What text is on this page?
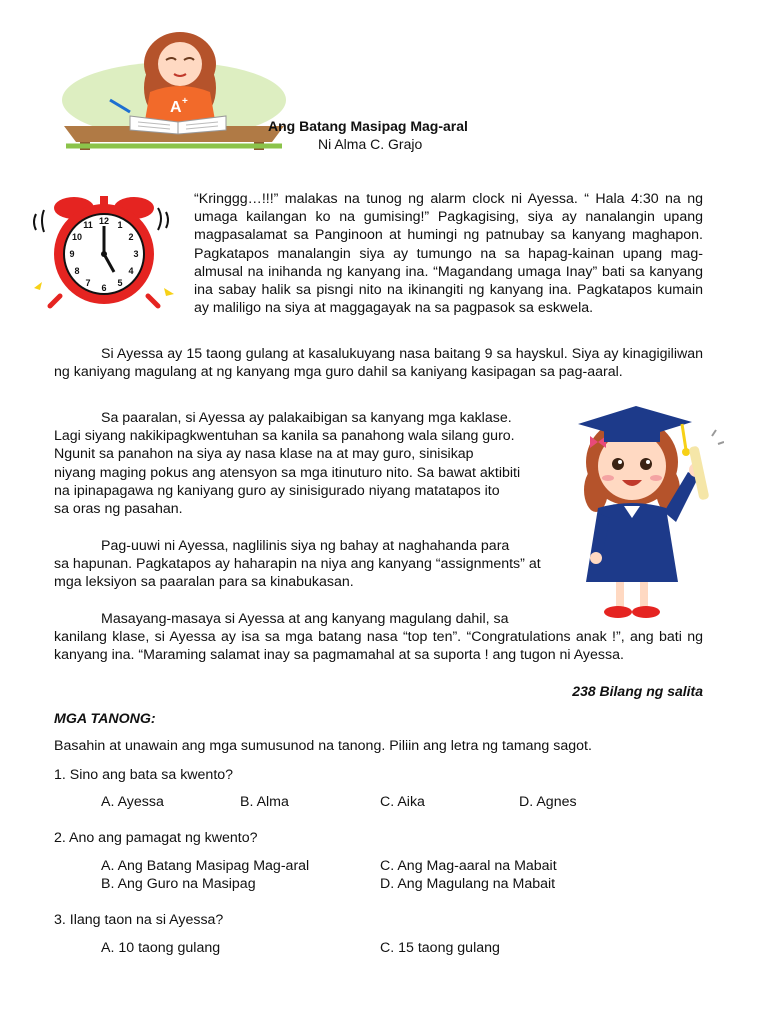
A +
Ang Batang Masipag Mag-aral
Ni Alma C. Grajo
12 1
2
3
4
5
6
7
8
9
10
11
“Kringgg…!!!” malakas na tunog ng alarm clock ni Ayessa. “ Hala 4:30 na ng umaga kailangan ko na gumising!” Pagkagising, siya ay nanalangin upang magpasalamat sa Panginoon at humingi ng patnubay sa kanyang maghapon. Pagkatapos manalangin siya ay tumungo na sa hapag-kainan upang mag-almusal na inihanda ng kanyang ina. “Magandang umaga Inay” bati sa kanyang ina sabay halik sa pisngi nito na ikinangiti ng kanyang ina. Pagkatapos kumain ay maliligo na siya at maggagayak na sa pagpasok sa eskwela.
Si Ayessa ay 15 taong gulang at kasalukuyang nasa baitang 9 sa hayskul. Siya ay kinagigiliwan ng kaniyang magulang at ng kanyang mga guro dahil sa kaniyang kasipagan sa pag-aaral.
Sa paaralan, si Ayessa ay palakaibigan sa kanyang mga kaklase.
Lagi siyang nakikipagkwentuhan sa kanila sa panahong wala silang guro.
Ngunit sa panahon na siya ay nasa klase na at may guro, sinisikap
niyang maging pokus ang atensyon sa mga itinuturo nito. Sa bawat aktibiti
na ipinapagawa ng kaniyang guro ay sinisigurado niyang matatapos ito
sa oras ng pasahan.
Pag-uuwi ni Ayessa, naglilinis siya ng bahay at naghahanda para
sa hapunan. Pagkatapos ay haharapin na niya ang kanyang “assignments” at
mga leksiyon sa paaralan para sa kinabukasan.
Masayang-masaya si Ayessa at ang kanyang magulang dahil, sa
kanilang klase, si Ayessa ay isa sa mga batang nasa “top ten”. “Congratulations anak !”, ang bati ng kanyang ina. “Maraming salamat inay sa pagmamahal at sa suporta ! ang tugon ni Ayessa.
238 Bilang ng salita
MGA TANONG:
Basahin at unawain ang mga sumusunod na tanong. Piliin ang letra ng tamang sagot.
1. Sino ang bata sa kwento?
A. Ayessa	B. Alma	C. Aika	D. Agnes
2. Ano ang pamagat ng kwento?
A. Ang Batang Masipag Mag-aral	C. Ang Mag-aaral na Mabait
B. Ang Guro na Masipag	D. Ang Magulang na Mabait
3. Ilang taon na si Ayessa?
A. 10 taong gulang	C. 15 taong gulang
